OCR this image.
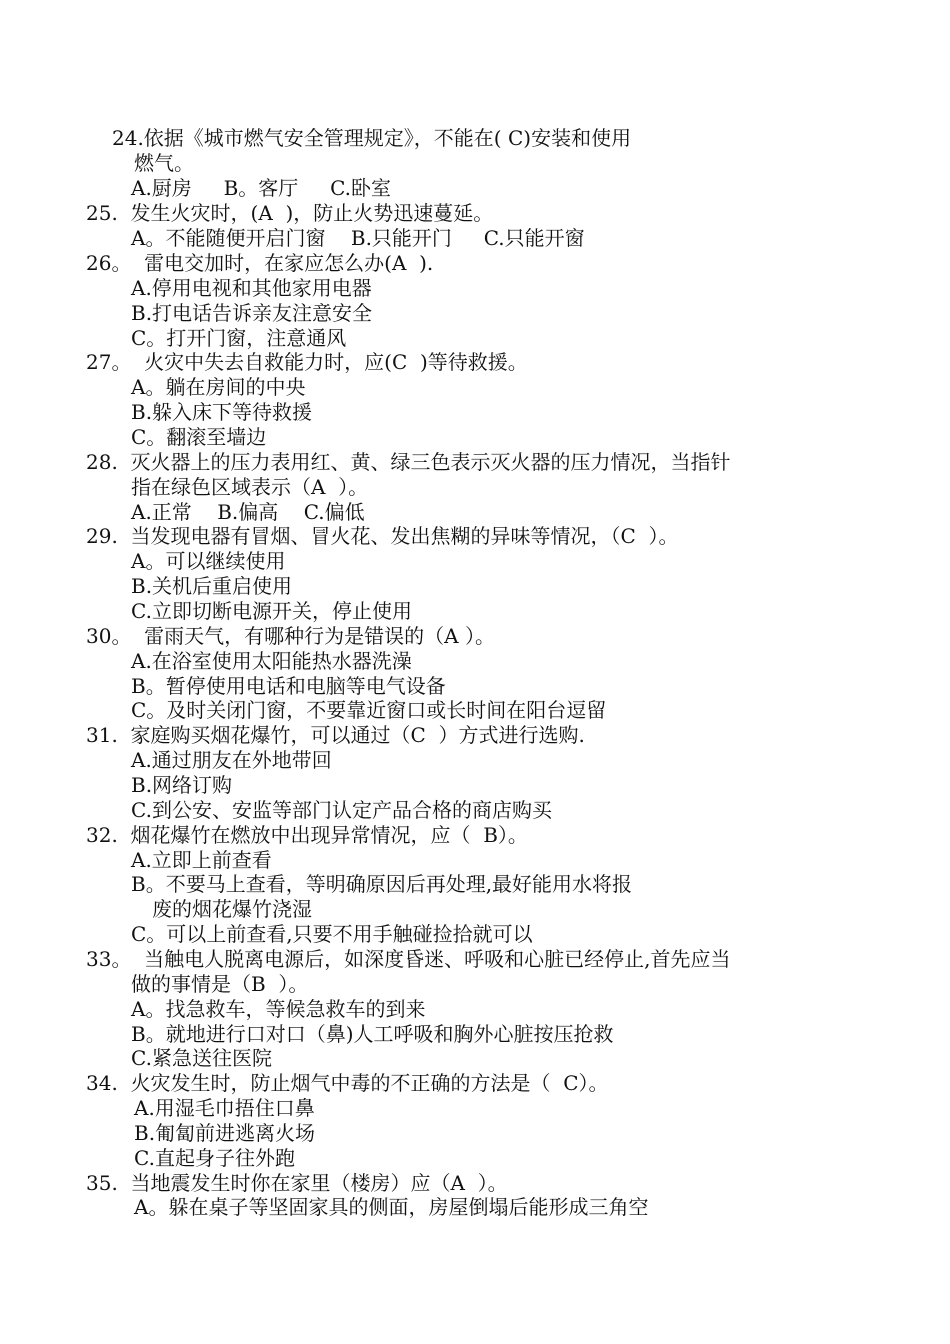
24.依据《城市燃气安全管理规定》，不能在( C)安装和使用
燃气。
A.厨房     B。客厅     C.卧室
25.  发生火灾时，(A  )，防止火势迅速蔓延。
A。不能随便开启门窗    B.只能开门     C.只能开窗
26。  雷电交加时，在家应怎么办(A  ).
A.停用电视和其他家用电器
B.打电话告诉亲友注意安全
C。打开门窗，注意通风
27。  火灾中失去自救能力时，应(C  )等待救援。
A。躺在房间的中央
B.躲入床下等待救援
C。翻滚至墙边
28.  灭火器上的压力表用红、黄、绿三色表示灭火器的压力情况，当指针
指在绿色区域表示（A  ）。
A.正常    B.偏高    C.偏低
29.  当发现电器有冒烟、冒火花、发出焦糊的异味等情况，（C  ）。
A。可以继续使用
B.关机后重启使用
C.立即切断电源开关，停止使用
30。  雷雨天气，有哪种行为是错误的（A ）。
A.在浴室使用太阳能热水器洗澡
B。暂停使用电话和电脑等电气设备
C。及时关闭门窗，不要靠近窗口或长时间在阳台逗留
31.  家庭购买烟花爆竹，可以通过（C  ）方式进行选购.
A.通过朋友在外地带回
B.网络订购
C.到公安、安监等部门认定产品合格的商店购买
32.  烟花爆竹在燃放中出现异常情况，应（  B）。
A.立即上前查看
B。不要马上查看，等明确原因后再处理,最好能用水将报
废的烟花爆竹浇湿
C。可以上前查看,只要不用手触碰捡拾就可以
33。  当触电人脱离电源后，如深度昏迷、呼吸和心脏已经停止,首先应当
做的事情是（B  ）。
A。找急救车，等候急救车的到来
B。就地进行口对口（鼻)人工呼吸和胸外心脏按压抢救
C.紧急送往医院
34.  火灾发生时，防止烟气中毒的不正确的方法是（  C）。
A.用湿毛巾捂住口鼻
B.匍匐前进逃离火场
C.直起身子往外跑
35.  当地震发生时你在家里（楼房）应（A  ）。
A。躲在桌子等坚固家具的侧面，房屋倒塌后能形成三角空
